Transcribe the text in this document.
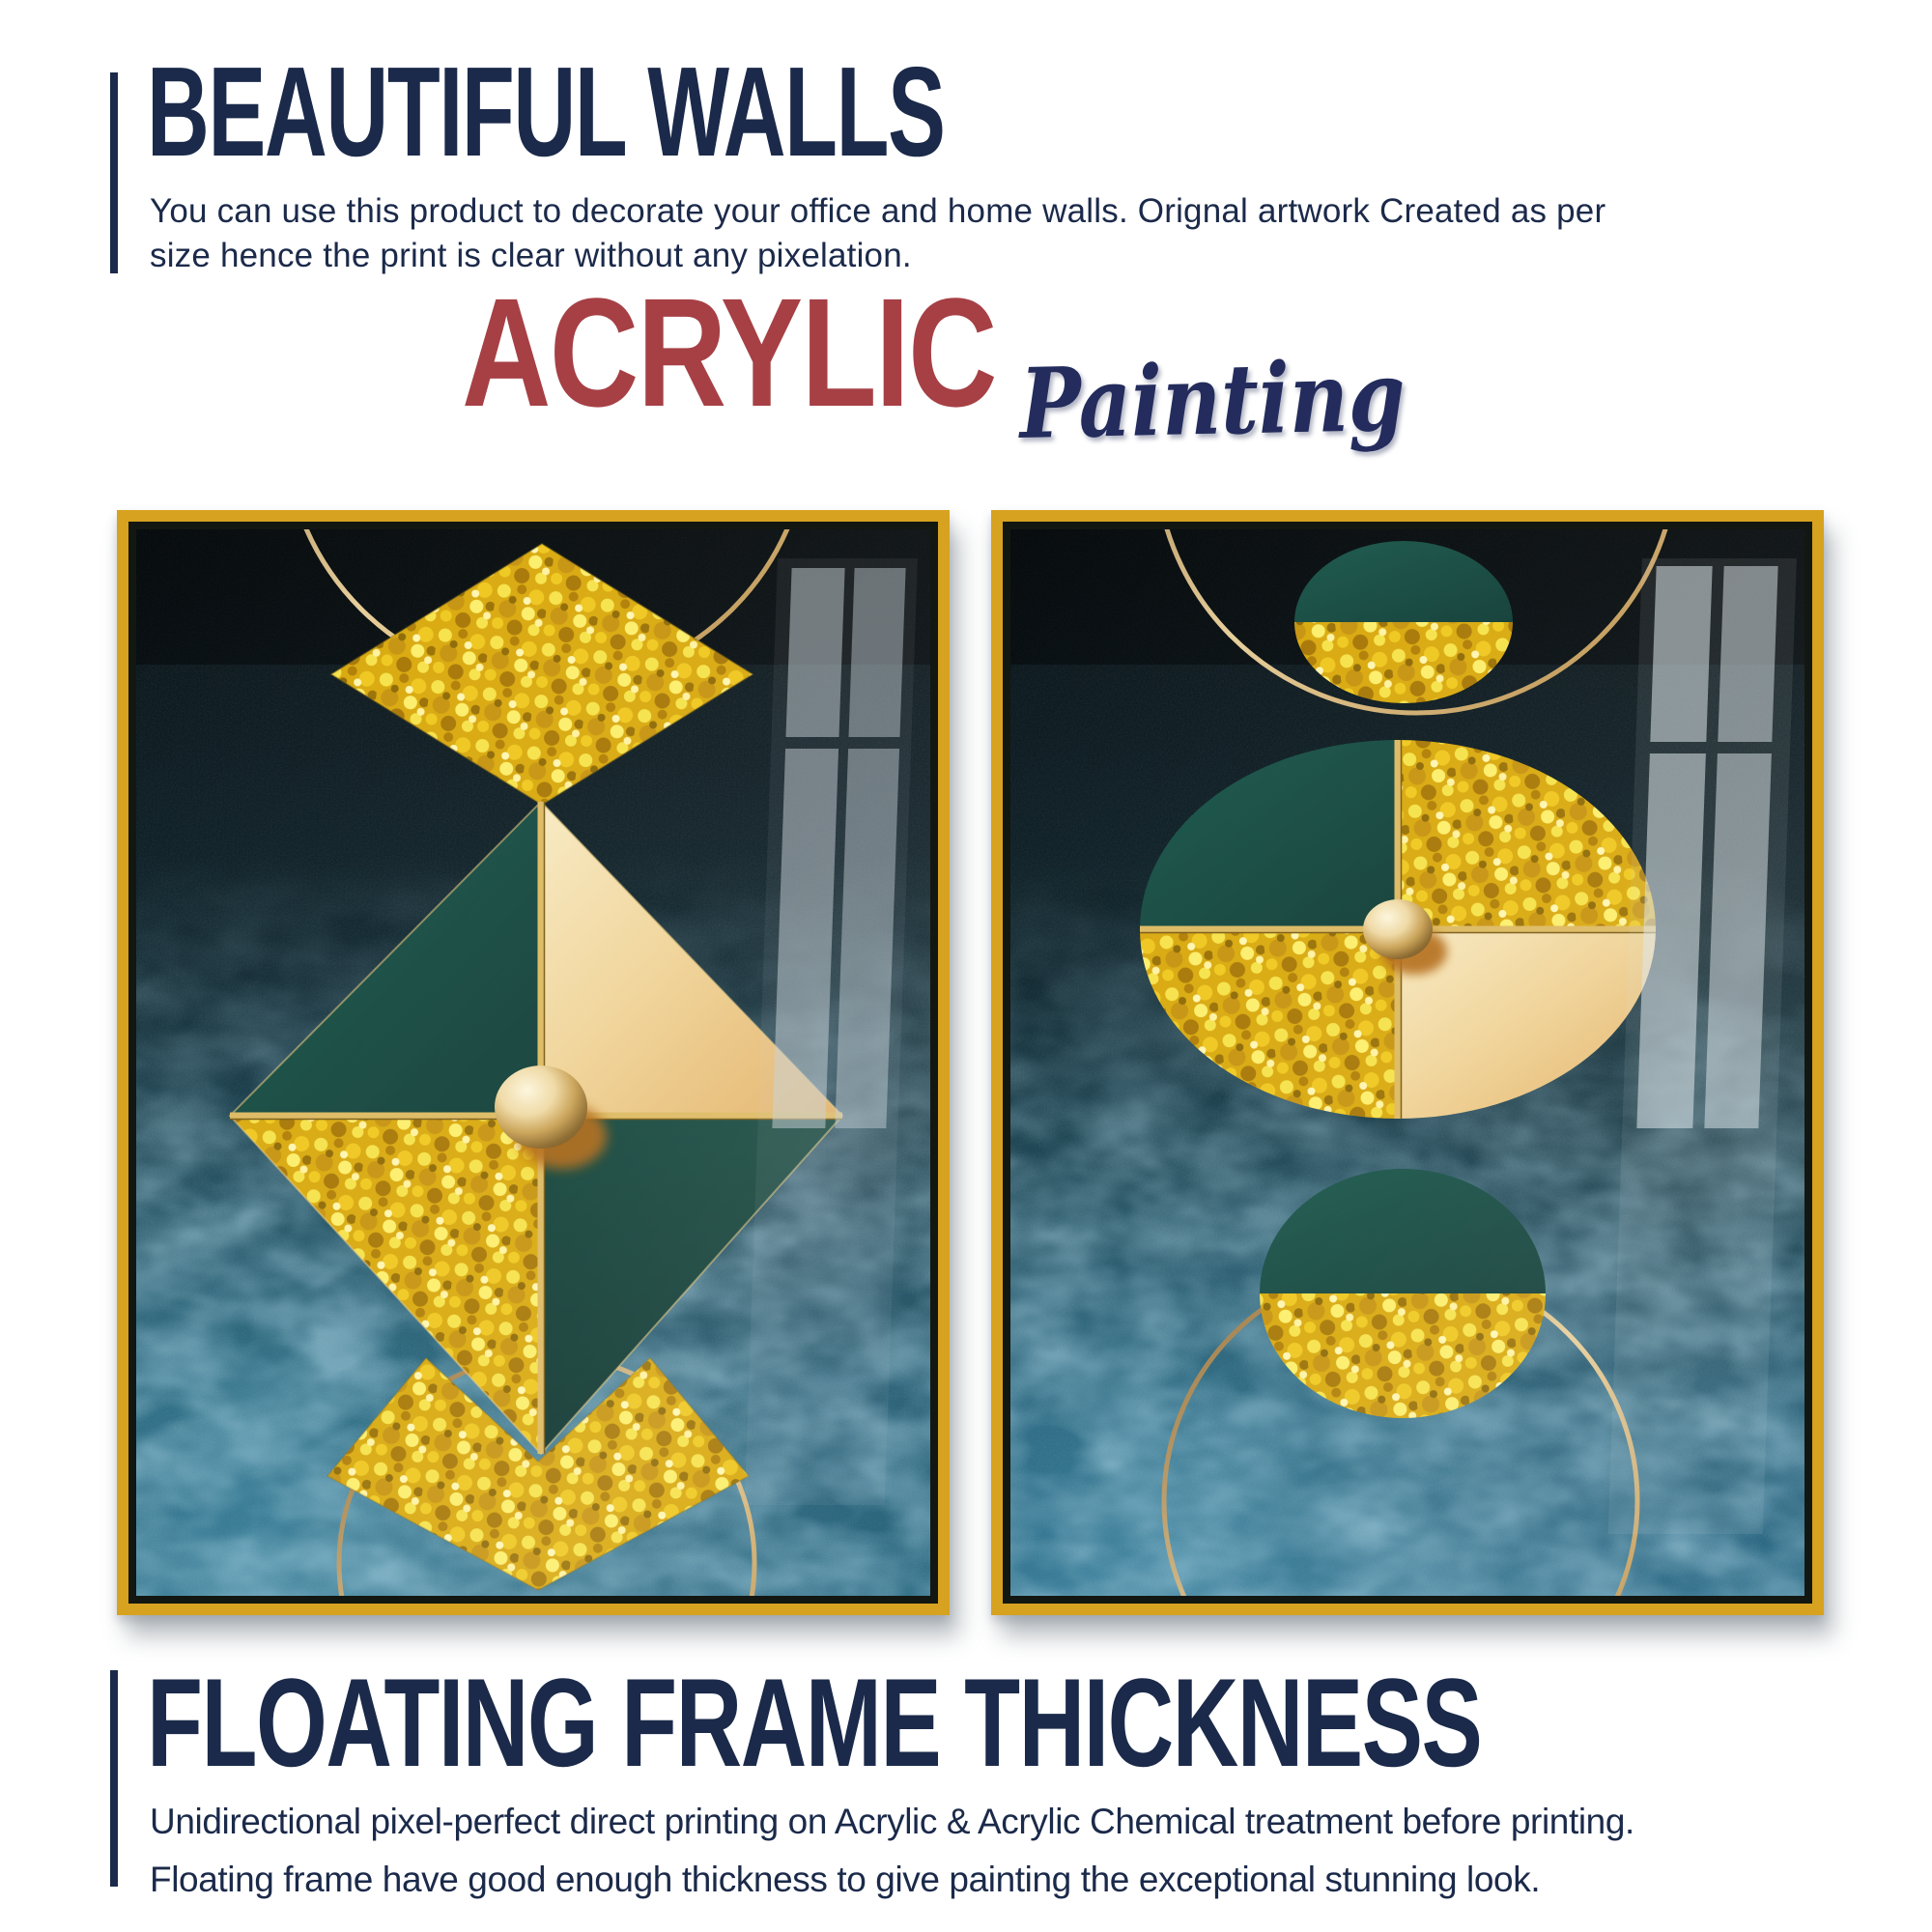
BEAUTIFUL WALLS
You can use this product to decorate your office and home walls. Orignal artwork Created as per
size hence the print is clear without any pixelation.
ACRYLIC Painting
FLOATING FRAME THICKNESS
Unidirectional pixel-perfect direct printing on Acrylic & Acrylic Chemical treatment before printing.
Floating frame have good enough thickness to give painting the exceptional stunning look.
